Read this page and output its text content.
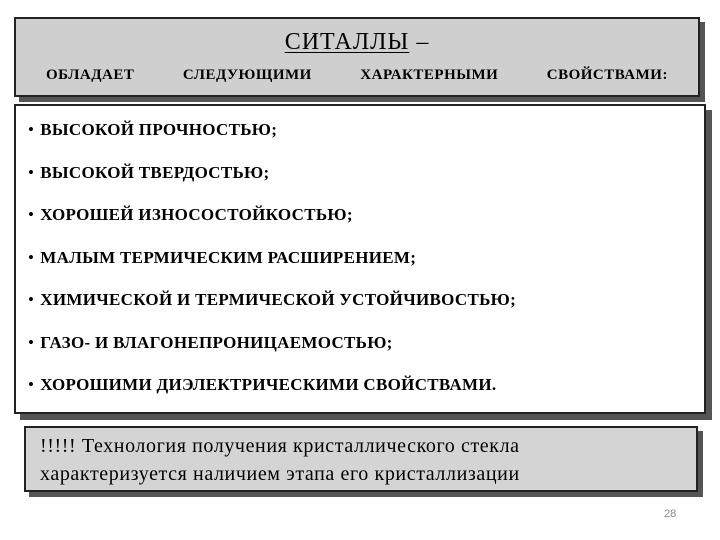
СИТАЛЛЫ –
ОБЛАДАЕТ	СЛЕДУЮЩИМИ	ХАРАКТЕРНЫМИ	СВОЙСТВАМИ:
• ВЫСОКОЙ ПРОЧНОСТЬЮ;
• ВЫСОКОЙ ТВЕРДОСТЬЮ;
• ХОРОШЕЙ ИЗНОСОСТОЙКОСТЬЮ;
• МАЛЫМ ТЕРМИЧЕСКИМ РАСШИРЕНИЕМ;
• ХИМИЧЕСКОЙ И ТЕРМИЧЕСКОЙ УСТОЙЧИВОСТЬЮ;
• ГАЗО- И ВЛАГОНЕПРОНИЦАЕМОСТЬЮ;
• ХОРОШИМИ ДИЭЛЕКТРИЧЕСКИМИ СВОЙСТВАМИ.
!!!!! Технология получения кристаллического стекла
характеризуется наличием этапа его кристаллизации
28
